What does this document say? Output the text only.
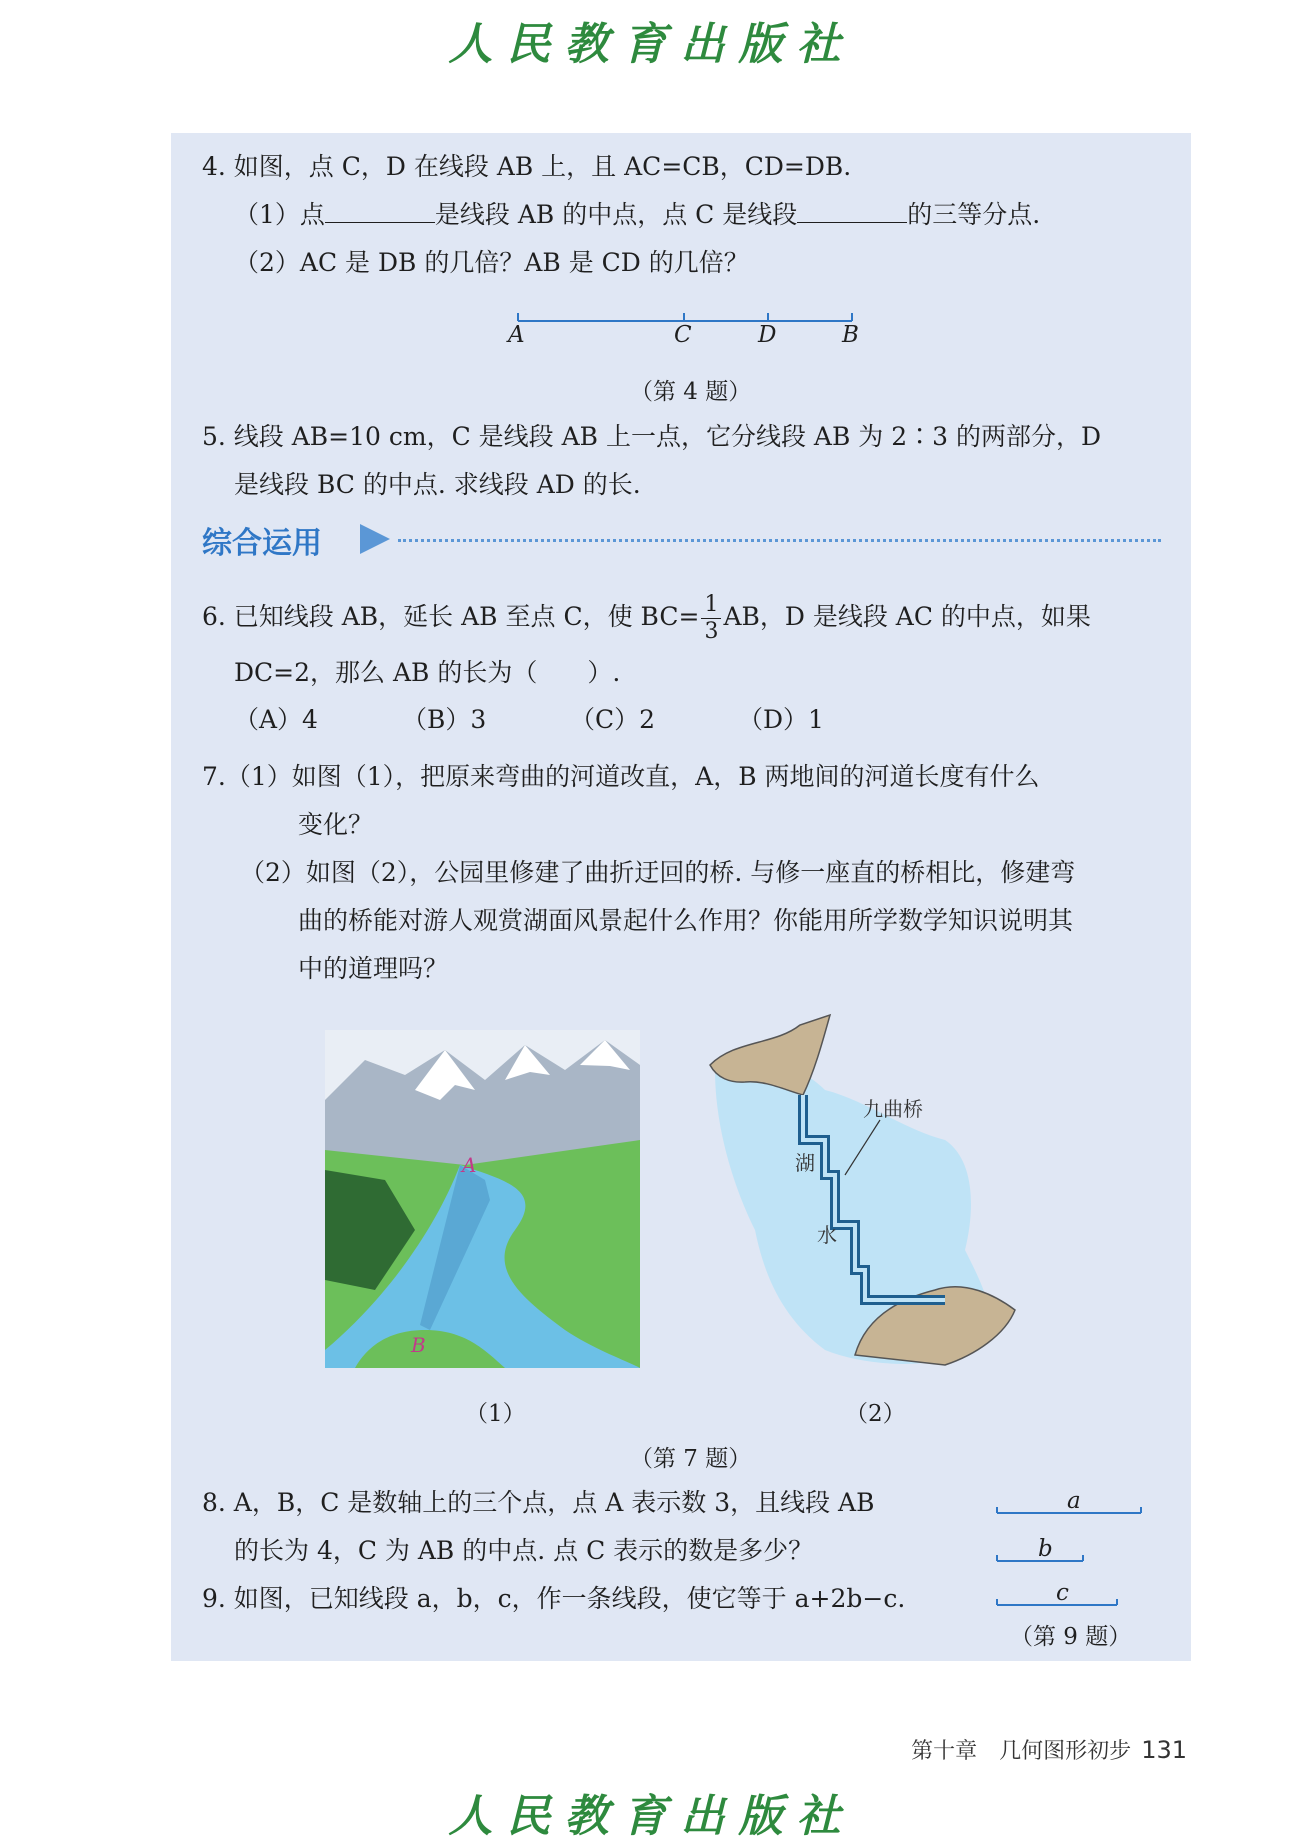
人民教育出版社
4. 如图，点 C，D 在线段 AB 上，且 AC=CB，CD=DB.
（1）点	是线段 AB 的中点，点 C 是线段	的三等分点.
（2）AC 是 DB 的几倍？AB 是 CD 的几倍？
A	C	D	B
（第 4 题）
5. 线段 AB=10 cm，C 是线段 AB 上一点，它分线段 AB 为 2∶3 的两部分，D
是线段 BC 的中点. 求线段 AD 的长.
综合运用
6. 已知线段 AB，延长 AB 至点 C，使 $BC= \frac{1}{3}$ AB，D 是线段 AC 的中点，如果
DC=2，那么 AB 的长为（　　）.
（A）4	（B）3	（C）2	（D）1
7.（1）如图（1），把原来弯曲的河道改直，A，B 两地间的河道长度有什么
变化？
（2）如图（2），公园里修建了曲折迂回的桥. 与修一座直的桥相比，修建弯
曲的桥能对游人观赏湖面风景起什么作用？你能用所学数学知识说明其
中的道理吗？
A
B
九曲桥
湖
水
（1）	（2）
（第 7 题）
8. A，B，C 是数轴上的三个点，点 A 表示数 3，且线段 AB
的长为 4，C 为 AB 的中点. 点 C 表示的数是多少？
9. 如图，已知线段 a，b，c，作一条线段，使它等于 a+2b−c.
a
b
c
（第 9 题）
第十章　几何图形初步 131
人民教育出版社
